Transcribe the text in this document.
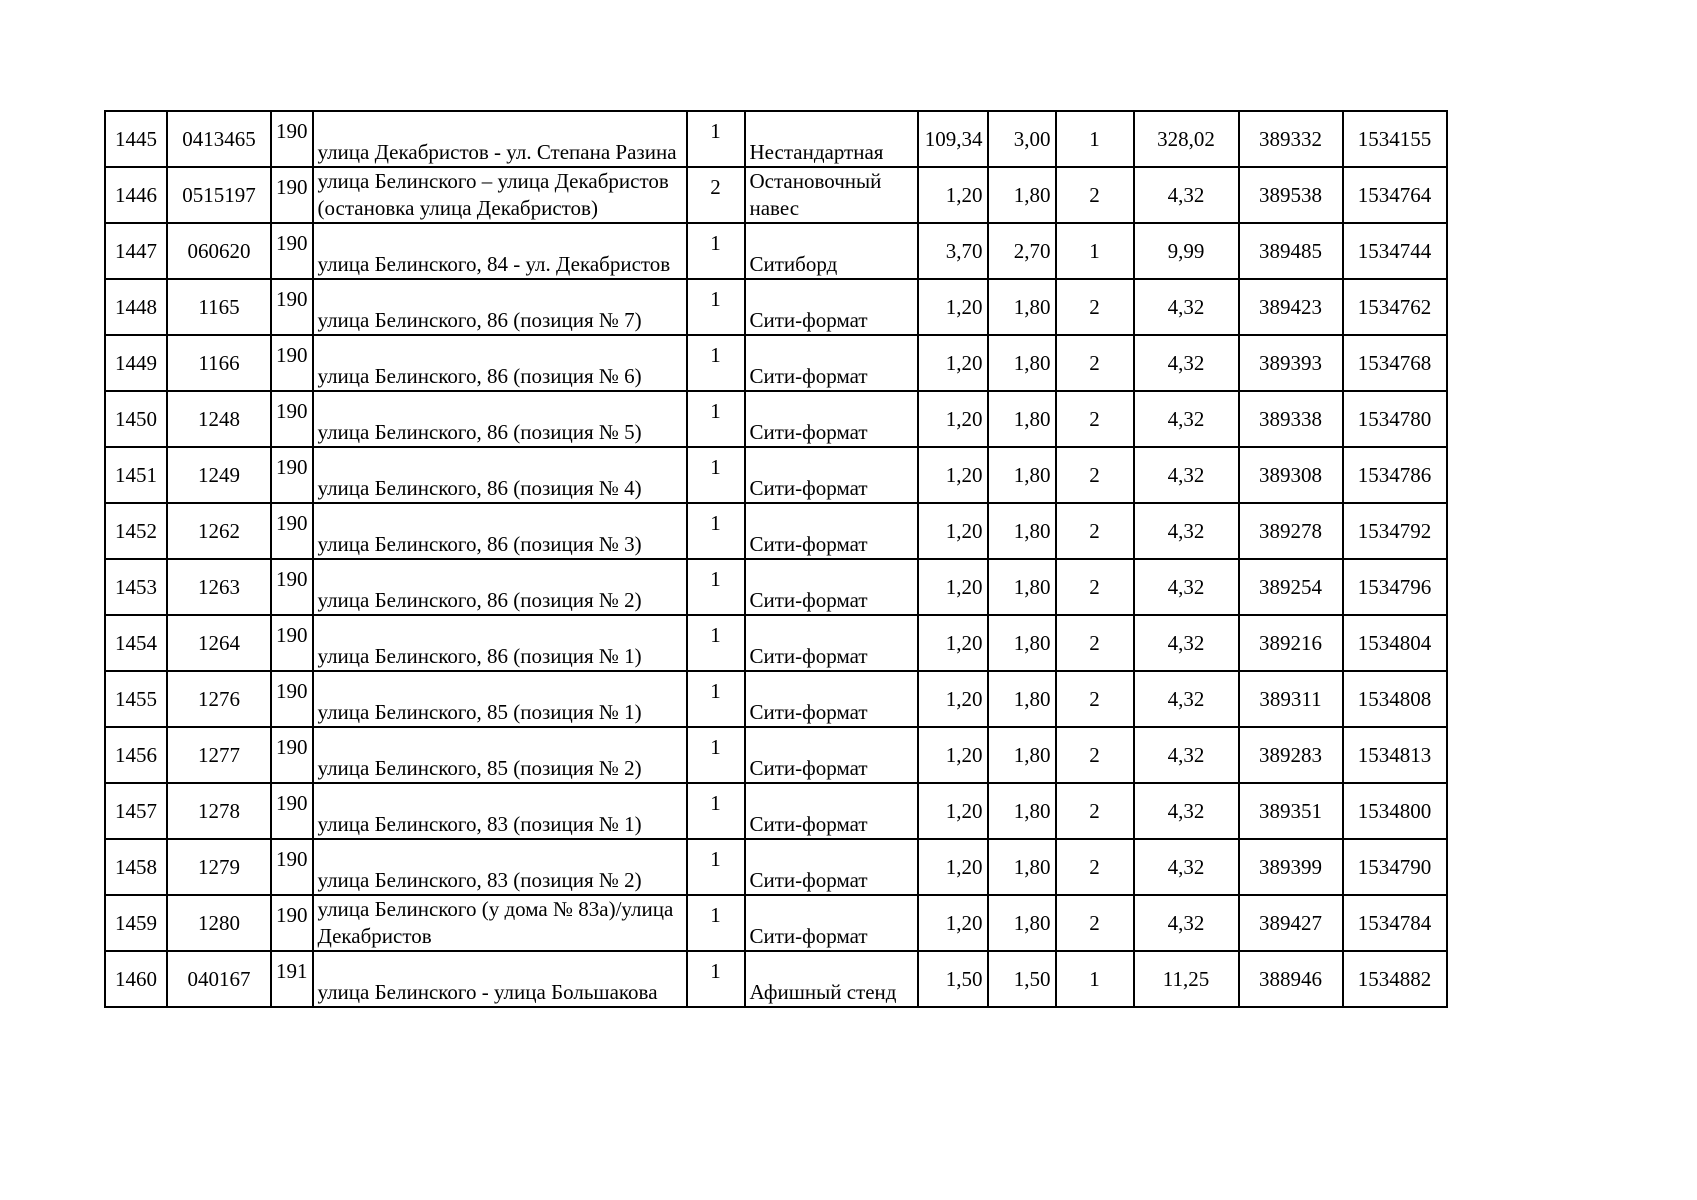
1445	0413465	190	улица Декабристов - ул. Степана Разина	1	Нестандартная	109,34	3,00	1	328,02	389332	1534155
1446	0515197	190	улица Белинского – улица Декабристов (остановка улица Декабристов)	2	Остановочный навес	1,20	1,80	2	4,32	389538	1534764
1447	060620	190	улица Белинского, 84 - ул. Декабристов	1	Ситиборд	3,70	2,70	1	9,99	389485	1534744
1448	1165	190	улица Белинского, 86 (позиция № 7)	1	Сити-формат	1,20	1,80	2	4,32	389423	1534762
1449	1166	190	улица Белинского, 86 (позиция № 6)	1	Сити-формат	1,20	1,80	2	4,32	389393	1534768
1450	1248	190	улица Белинского, 86 (позиция № 5)	1	Сити-формат	1,20	1,80	2	4,32	389338	1534780
1451	1249	190	улица Белинского, 86 (позиция № 4)	1	Сити-формат	1,20	1,80	2	4,32	389308	1534786
1452	1262	190	улица Белинского, 86 (позиция № 3)	1	Сити-формат	1,20	1,80	2	4,32	389278	1534792
1453	1263	190	улица Белинского, 86 (позиция № 2)	1	Сити-формат	1,20	1,80	2	4,32	389254	1534796
1454	1264	190	улица Белинского, 86 (позиция № 1)	1	Сити-формат	1,20	1,80	2	4,32	389216	1534804
1455	1276	190	улица Белинского, 85 (позиция № 1)	1	Сити-формат	1,20	1,80	2	4,32	389311	1534808
1456	1277	190	улица Белинского, 85 (позиция № 2)	1	Сити-формат	1,20	1,80	2	4,32	389283	1534813
1457	1278	190	улица Белинского, 83 (позиция № 1)	1	Сити-формат	1,20	1,80	2	4,32	389351	1534800
1458	1279	190	улица Белинского, 83 (позиция № 2)	1	Сити-формат	1,20	1,80	2	4,32	389399	1534790
1459	1280	190	улица Белинского (у дома № 83а)/улица Декабристов	1	Сити-формат	1,20	1,80	2	4,32	389427	1534784
1460	040167	191	улица Белинского - улица Большакова	1	Афишный стенд	1,50	1,50	1	11,25	388946	1534882
